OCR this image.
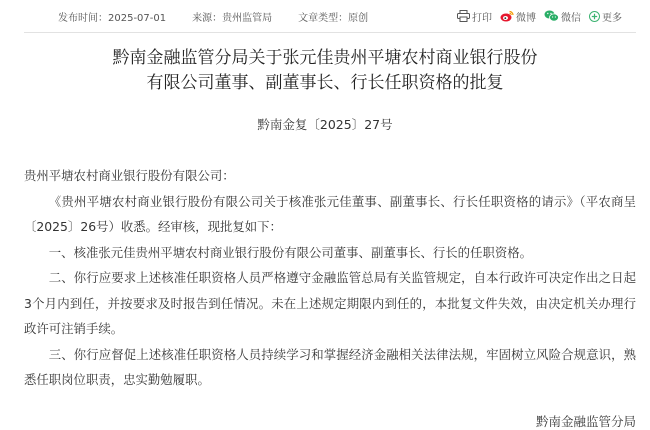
发布时间：2025-07-01	来源：贵州监管局	文章类型：原创	打印 微博	微信 更多
黔南金融监管分局关于张元佳贵州平塘农村商业银行股份
有限公司董事、副董事长、行长任职资格的批复
黔南金复〔2025〕27号

贵州平塘农村商业银行股份有限公司：

《贵州平塘农村商业银行股份有限公司关于核准张元佳董事、副董事长、行长任职资格的请示》（平农商呈〔2025〕26号）收悉。经审核，现批复如下：

一、核准张元佳贵州平塘农村商业银行股份有限公司董事、副董事长、行长的任职资格。

二、你行应要求上述核准任职资格人员严格遵守金融监管总局有关监管规定，自本行政许可决定作出之日起3个月内到任，并按要求及时报告到任情况。未在上述规定期限内到任的，本批复文件失效，由决定机关办理行政许可注销手续。

三、你行应督促上述核准任职资格人员持续学习和掌握经济金融相关法律法规，牢固树立风险合规意识，熟悉任职岗位职责，忠实勤勉履职。

黔南金融监管分局
